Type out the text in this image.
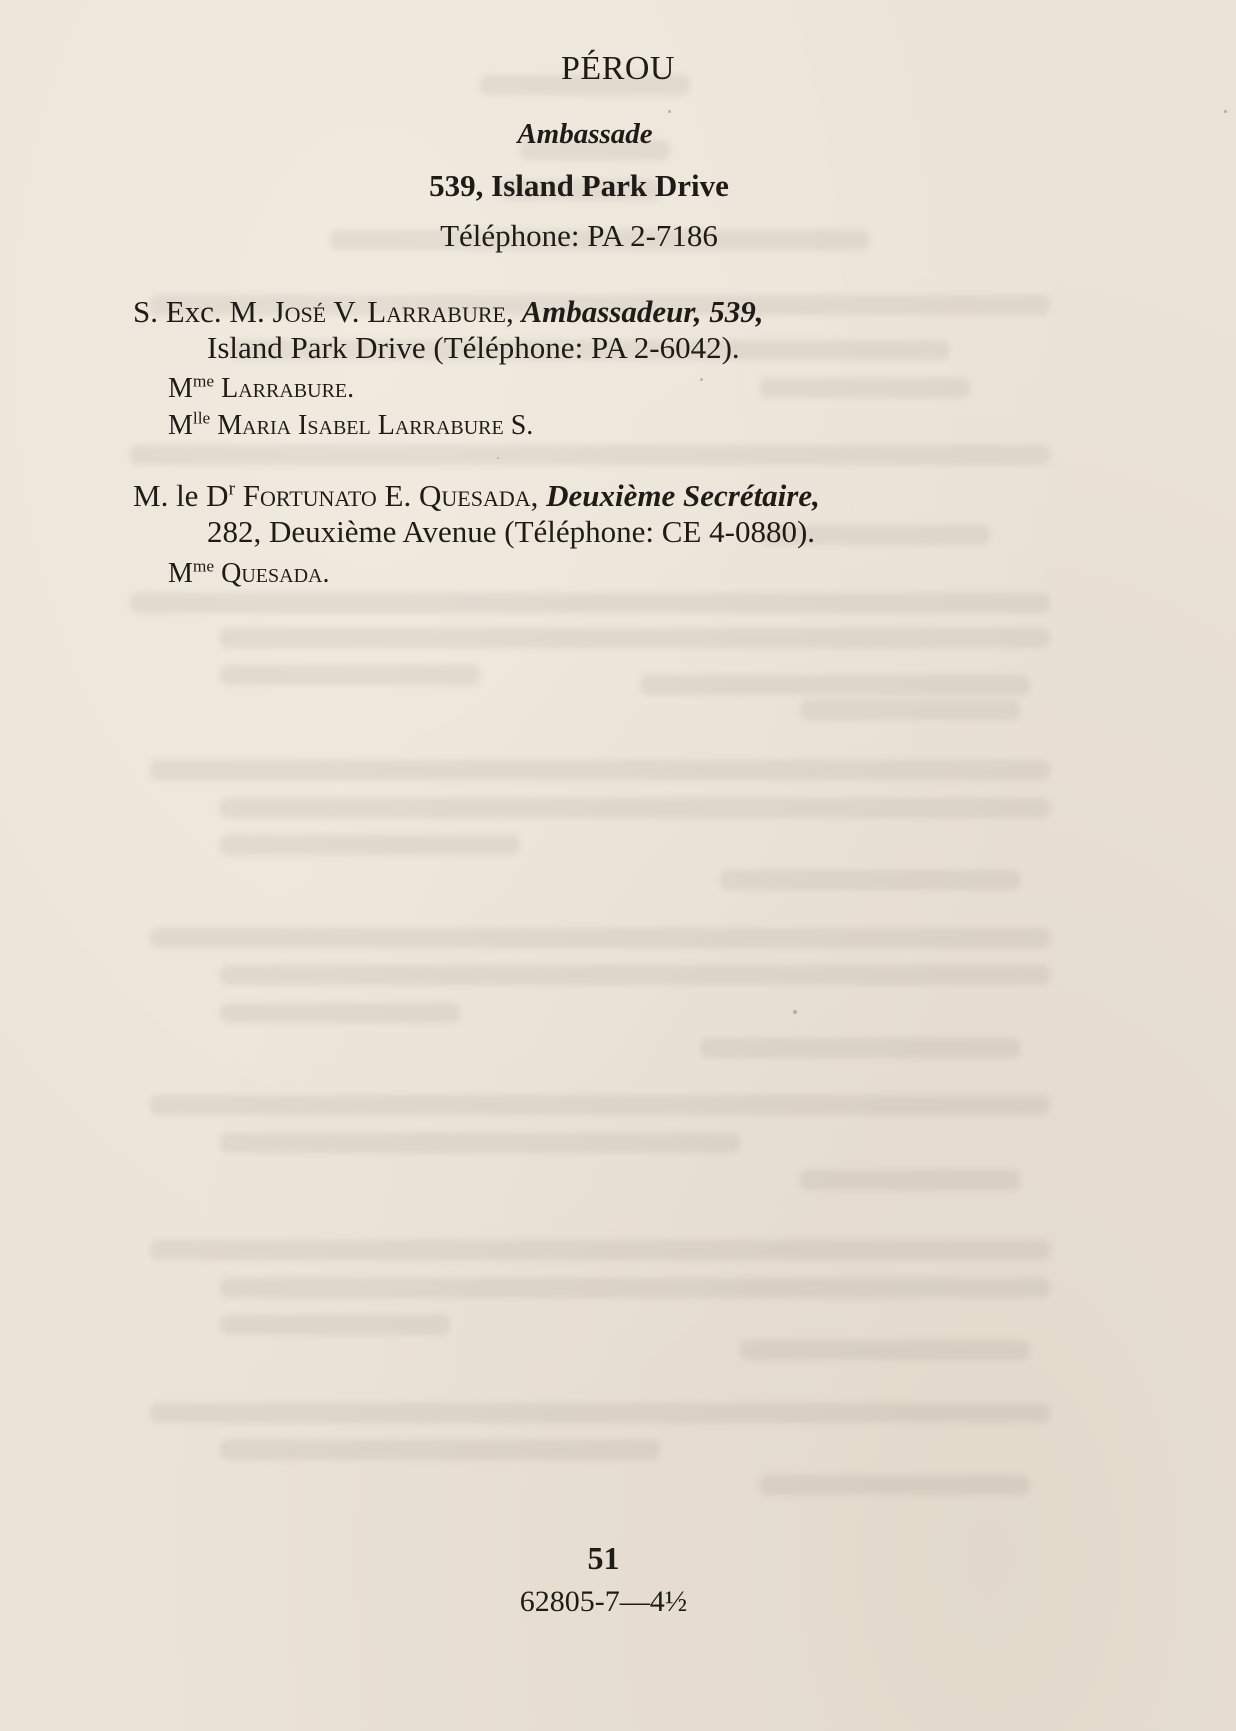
PÉROU
Ambassade
539, Island Park Drive
Téléphone: PA 2-7186
S. Exc. M. José V. Larrabure, Ambassadeur, 539,
Island Park Drive (Téléphone: PA 2-6042).
$M^{me}$ Larrabure.
$M^{lle}$ Maria Isabel Larrabure S.
M. le $D^r$ Fortunato E. Quesada, Deuxième Secrétaire,
282, Deuxième Avenue (Téléphone: CE 4-0880).
$M^{me}$ Quesada.
51
62805-7—4½
